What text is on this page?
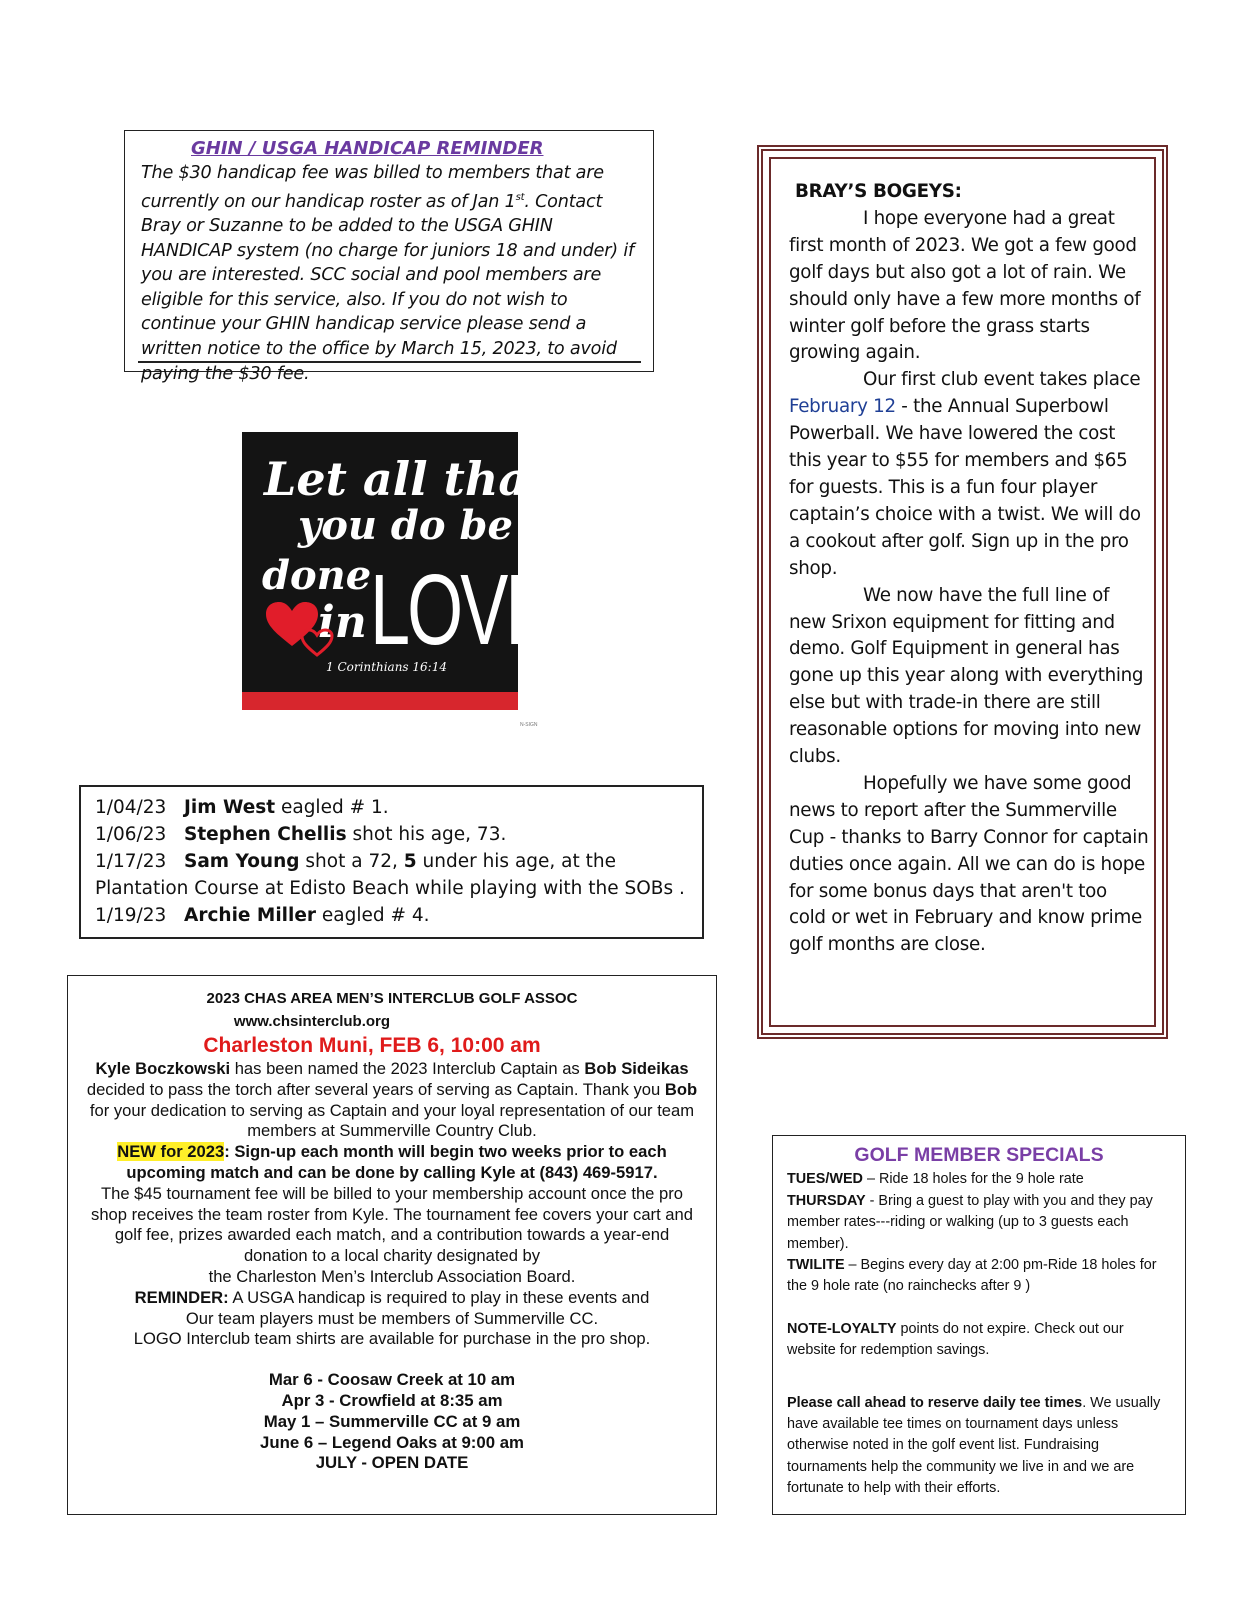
GHIN / USGA HANDICAP REMINDER
The $30 handicap fee was billed to members that are currently on our handicap roster as of Jan 1st. Contact Bray or Suzanne to be added to the USGA GHIN HANDICAP system (no charge for juniors 18 and under) if you are interested. SCC social and pool members are eligible for this service, also. If you do not wish to continue your GHIN handicap service please send a written notice to the office by March 15, 2023, to avoid paying the $30 fee.
Let all that
you do be
done
in LOVE
1 Corinthians 16:14
N-SIGN
1/04/23 Jim West eagled # 1.
1/06/23 Stephen Chellis shot his age, 73.
1/17/23 Sam Young shot a 72, 5 under his age, at the Plantation Course at Edisto Beach while playing with the SOBs .
1/19/23 Archie Miller eagled # 4.
2023 CHAS AREA MEN’S INTERCLUB GOLF ASSOC
www.chsinterclub.org
Charleston Muni, FEB 6, 10:00 am
Kyle Boczkowski has been named the 2023 Interclub Captain as Bob Sideikas decided to pass the torch after several years of serving as Captain. Thank you Bob for your dedication to serving as Captain and your loyal representation of our team members at Summerville Country Club.
NEW for 2023: Sign-up each month will begin two weeks prior to each upcoming match and can be done by calling Kyle at (843) 469-5917.
The $45 tournament fee will be billed to your membership account once the pro shop receives the team roster from Kyle. The tournament fee covers your cart and golf fee, prizes awarded each match, and a contribution towards a year-end donation to a local charity designated by
the Charleston Men’s Interclub Association Board.
REMINDER: A USGA handicap is required to play in these events and
Our team players must be members of Summerville CC.
LOGO Interclub team shirts are available for purchase in the pro shop.
Mar 6 - Coosaw Creek at 10 am
Apr 3 - Crowfield at 8:35 am
May 1 – Summerville CC at 9 am
June 6 – Legend Oaks at 9:00 am
JULY - OPEN DATE
BRAY’S BOGEYS:
I hope everyone had a great first month of 2023. We got a few good golf days but also got a lot of rain. We should only have a few more months of winter golf before the grass starts growing again.
Our first club event takes place February 12 - the Annual Superbowl Powerball. We have lowered the cost this year to $55 for members and $65 for guests. This is a fun four player captain’s choice with a twist. We will do a cookout after golf. Sign up in the pro shop.
We now have the full line of new Srixon equipment for fitting and demo. Golf Equipment in general has gone up this year along with everything else but with trade-in there are still reasonable options for moving into new clubs.
Hopefully we have some good news to report after the Summerville Cup - thanks to Barry Connor for captain duties once again. All we can do is hope for some bonus days that aren't too cold or wet in February and know prime golf months are close.
GOLF MEMBER SPECIALS

TUES/WED – Ride 18 holes for the 9 hole rate

THURSDAY - Bring a guest to play with you and they pay member rates---riding or walking (up to 3 guests each member).

TWILITE – Begins every day at 2:00 pm-Ride 18 holes for the 9 hole rate (no rainchecks after 9 )

NOTE-LOYALTY points do not expire. Check out our website for redemption savings.

Please call ahead to reserve daily tee times. We usually have available tee times on tournament days unless otherwise noted in the golf event list. Fundraising tournaments help the community we live in and we are fortunate to help with their efforts.
